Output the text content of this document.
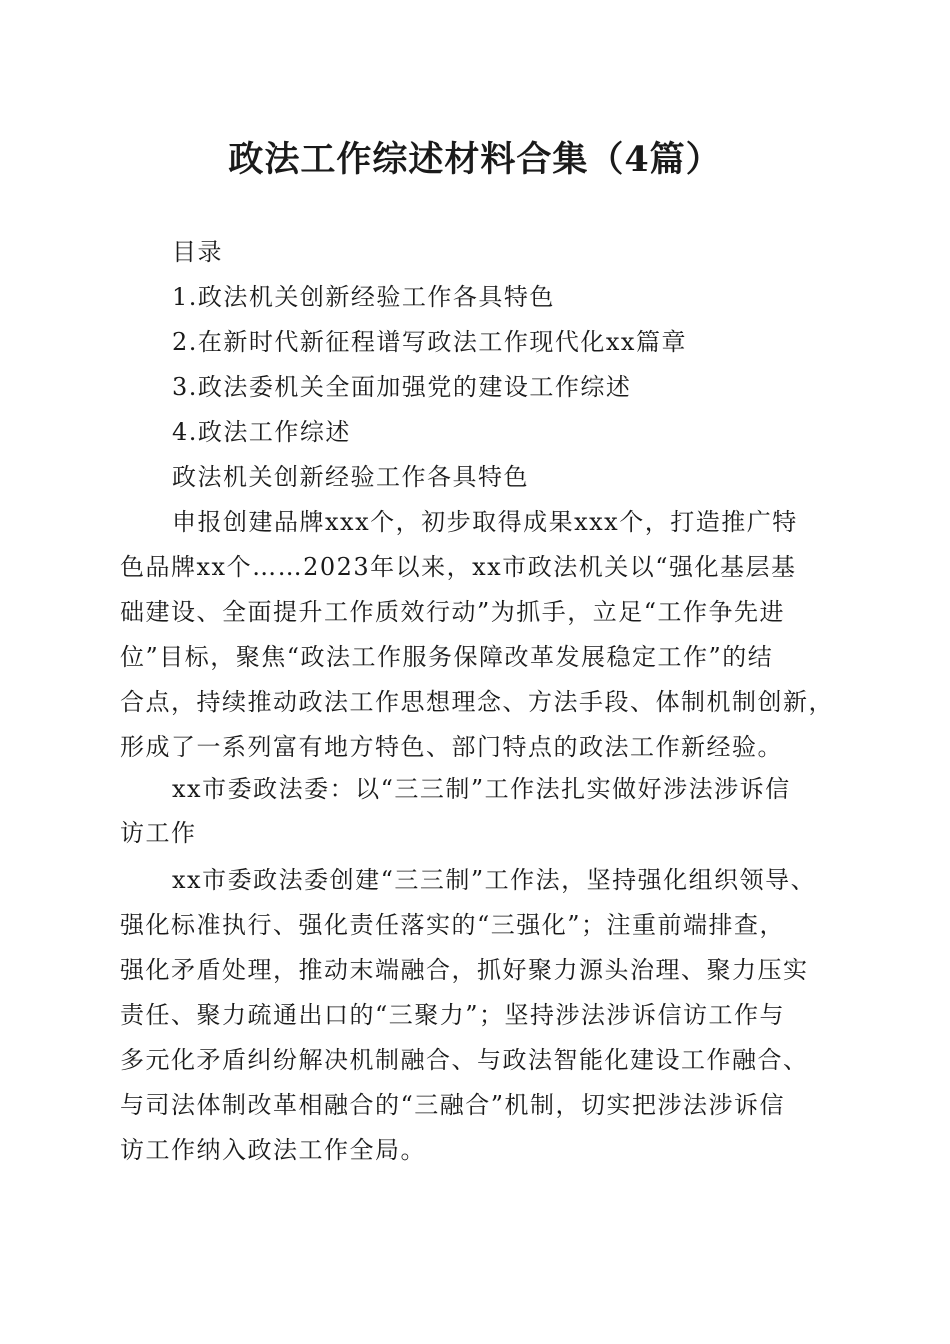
政法工作综述材料合集（4篇）

目录

1.政法机关创新经验工作各具特色

2.在新时代新征程谱写政法工作现代化xx篇章

3.政法委机关全面加强党的建设工作综述

4.政法工作综述

政法机关创新经验工作各具特色

申报创建品牌xxx个，初步取得成果xxx个，打造推广特

色品牌xx个……2023年以来，xx市政法机关以“强化基层基

础建设、全面提升工作质效行动”为抓手，立足“工作争先进

位”目标，聚焦“政法工作服务保障改革发展稳定工作”的结

合点，持续推动政法工作思想理念、方法手段、体制机制创新，

形成了一系列富有地方特色、部门特点的政法工作新经验。

xx市委政法委：以“三三制”工作法扎实做好涉法涉诉信

访工作

xx市委政法委创建“三三制”工作法，坚持强化组织领导、

强化标准执行、强化责任落实的“三强化”；注重前端排查，

强化矛盾处理，推动末端融合，抓好聚力源头治理、聚力压实

责任、聚力疏通出口的“三聚力”；坚持涉法涉诉信访工作与

多元化矛盾纠纷解决机制融合、与政法智能化建设工作融合、

与司法体制改革相融合的“三融合”机制，切实把涉法涉诉信

访工作纳入政法工作全局。
